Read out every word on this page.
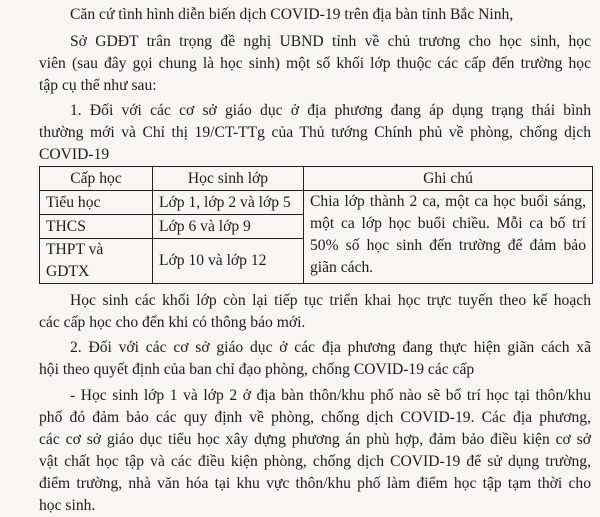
Căn cứ tình hình diễn biến dịch COVID-19 trên địa bàn tỉnh Bắc Ninh,
Sở GDĐT trân trọng đề nghị UBND tỉnh về chủ trương cho học sinh, học
viên (sau đây gọi chung là học sinh) một số khối lớp thuộc các cấp đến trường học
tập cụ thể như sau:
1. Đối với các cơ sở giáo dục ở địa phương đang áp dụng trạng thái bình
thường mới và Chỉ thị 19/CT-TTg của Thủ tướng Chính phủ về phòng, chống dịch
COVID-19
Cấp học	Học sinh lớp	Ghi chú
Tiểu học	Lớp 1, lớp 2 và lớp 5	Chia lớp thành 2 ca, một ca học buổi sáng, một ca lớp học buổi chiều. Mỗi ca bố trí 50% số học sinh đến trường để đảm bảo giãn cách.
THCS	Lớp 6 và lớp 9	
THPT và GDTX	Lớp 10 và lớp 12	
Học sinh các khối lớp còn lại tiếp tục triển khai học trực tuyến theo kế hoạch
các cấp học cho đến khi có thông báo mới.
2. Đối với các cơ sở giáo dục ở các địa phương đang thực hiện giãn cách xã
hội theo quyết định của ban chỉ đạo phòng, chống COVID-19 các cấp
- Học sinh lớp 1 và lớp 2 ở địa bàn thôn/khu phố nào sẽ bố trí học tại thôn/khu
phố đó đảm bảo các quy định về phòng, chống dịch COVID-19. Các địa phương,
các cơ sở giáo dục tiểu học xây dựng phương án phù hợp, đảm bảo điều kiện cơ sở
vật chất học tập và các điều kiện phòng, chống dịch COVID-19 để sử dụng trường,
điểm trường, nhà văn hóa tại khu vực thôn/khu phố làm điểm học tập tạm thời cho
học sinh.
